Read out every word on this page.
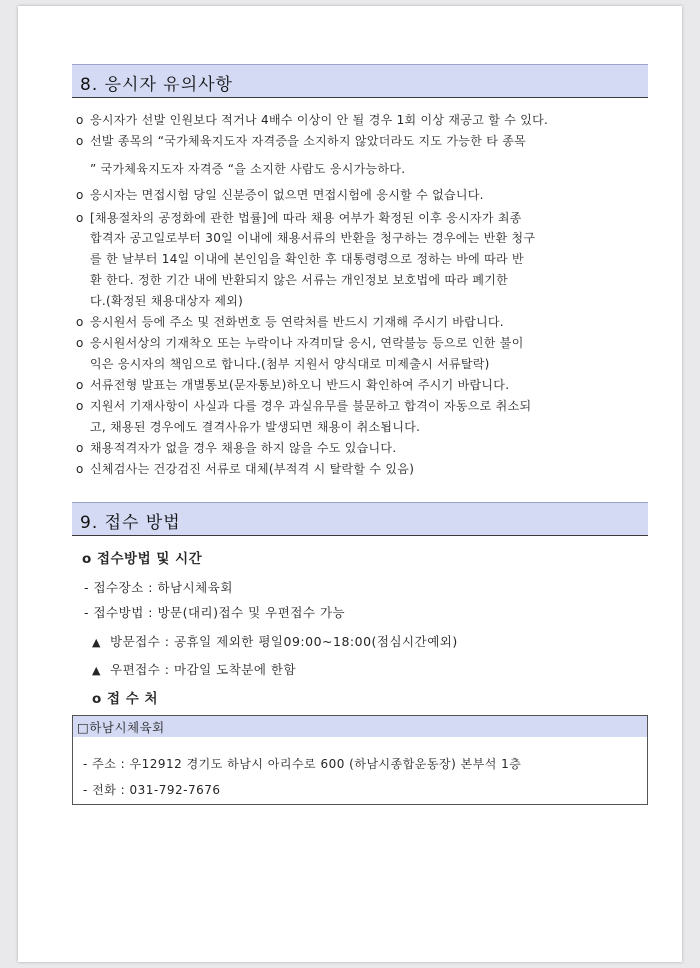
8. 응시자 유의사항
o 응시자가 선발 인원보다 적거나 4배수 이상이 안 될 경우 1회 이상 재공고 할 수 있다.
o 선발 종목의 “국가체육지도자 자격증을 소지하지 않았더라도 지도 가능한 타 종목
” 국가체육지도자 자격증 “을 소지한 사람도 응시가능하다.
o 응시자는 면접시험 당일 신분증이 없으면 면접시험에 응시할 수 없습니다.
o [채용절차의 공정화에 관한 법률]에 따라 채용 여부가 확정된 이후 응시자가 최종
합격자 공고일로부터 30일 이내에 채용서류의 반환을 청구하는 경우에는 반환 청구
를 한 날부터 14일 이내에 본인임을 확인한 후 대통령령으로 정하는 바에 따라 반
환 한다. 정한 기간 내에 반환되지 않은 서류는 개인정보 보호법에 따라 폐기한
다.(확정된 채용대상자 제외)
o 응시원서 등에 주소 및 전화번호 등 연락처를 반드시 기재해 주시기 바랍니다.
o 응시원서상의 기재착오 또는 누락이나 자격미달 응시, 연락불능 등으로 인한 불이
익은 응시자의 책임으로 합니다.(첨부 지원서 양식대로 미제출시 서류탈락)
o 서류전형 발표는 개별통보(문자통보)하오니 반드시 확인하여 주시기 바랍니다.
o 지원서 기재사항이 사실과 다를 경우 과실유무를 불문하고 합격이 자동으로 취소되
고, 채용된 경우에도 결격사유가 발생되면 채용이 취소됩니다.
o 채용적격자가 없을 경우 채용을 하지 않을 수도 있습니다.
o 신체검사는 건강검진 서류로 대체(부적격 시 탈락할 수 있음)
9. 접수 방법
o 접수방법 및 시간
- 접수장소 : 하남시체육회
- 접수방법 : 방문(대리)접수 및 우편접수 가능
▲ 방문접수 : 공휴일 제외한 평일09:00~18:00(점심시간예외)
▲ 우편접수 : 마감일 도착분에 한함
o 접 수 처
□하남시체육회
- 주소 : 우12912 경기도 하남시 아리수로 600 (하남시종합운동장) 본부석 1층
- 전화 : 031-792-7676
